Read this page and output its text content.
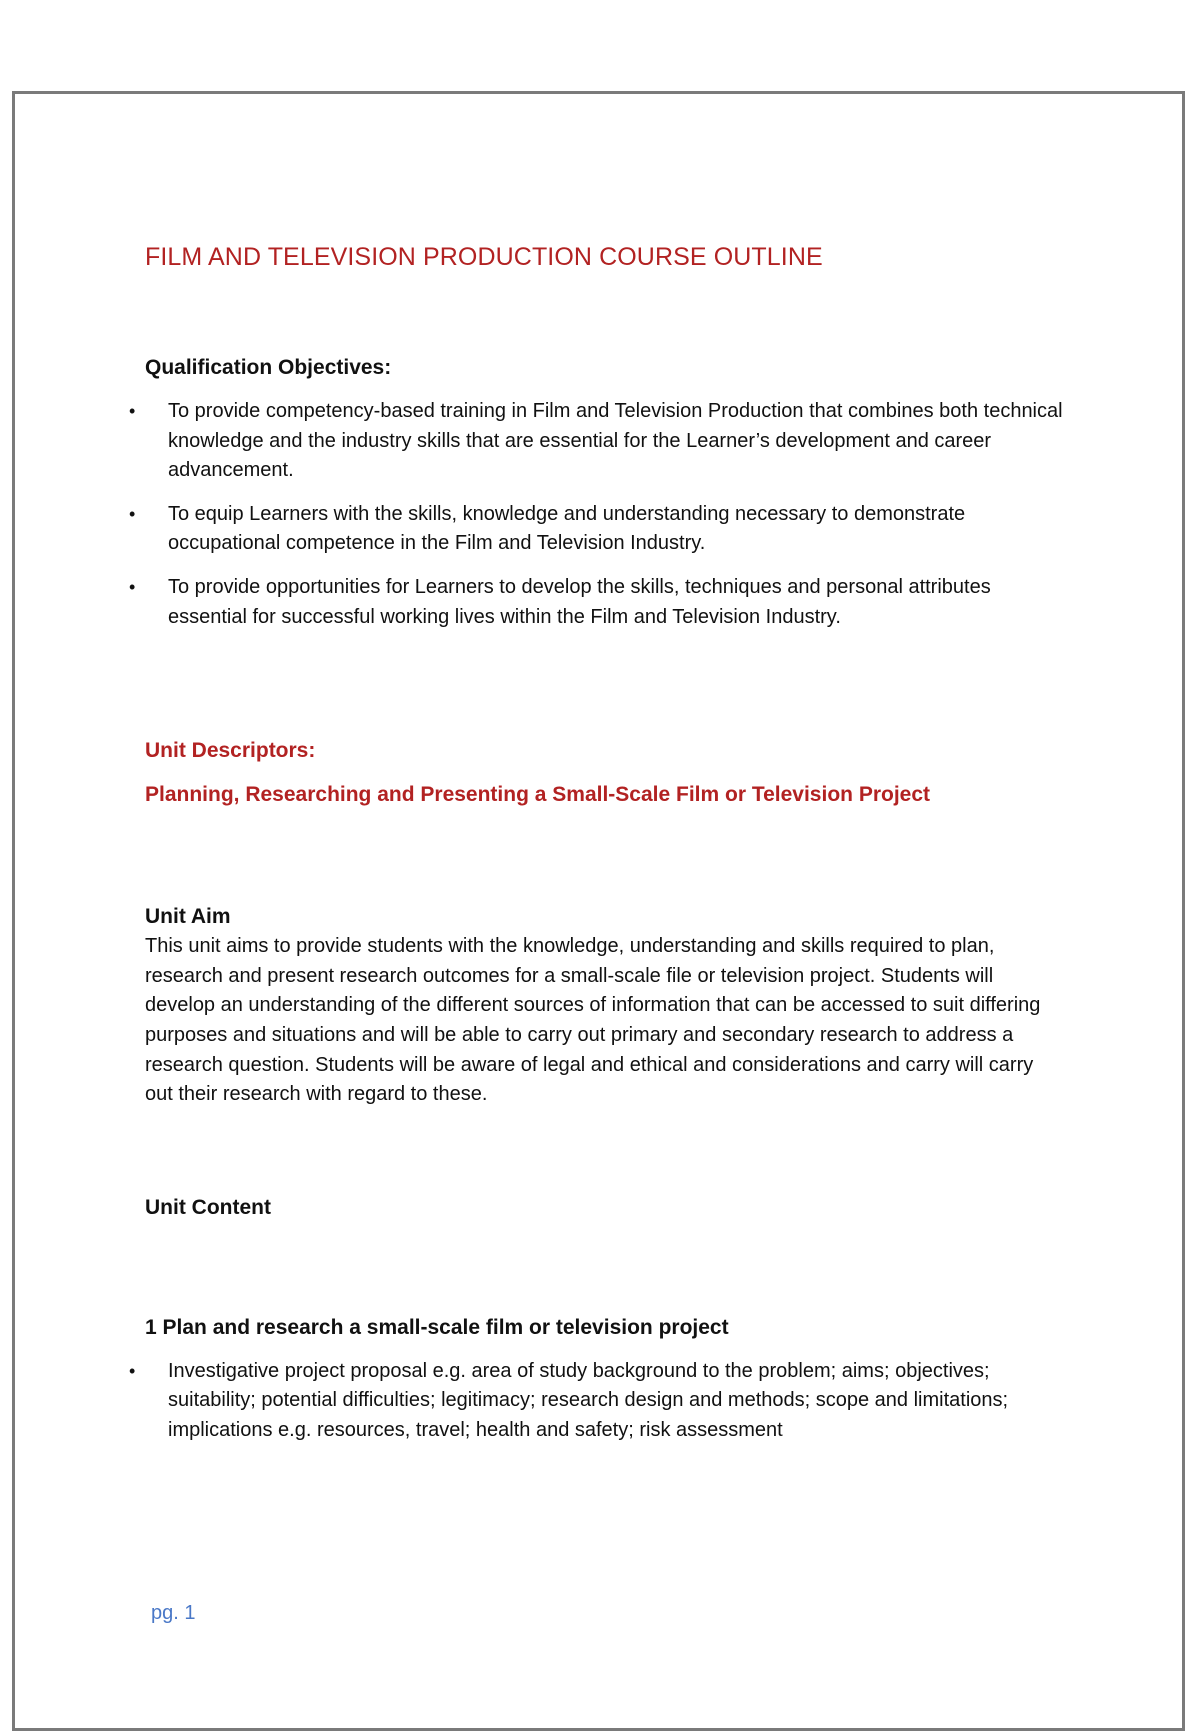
FILM AND TELEVISION PRODUCTION COURSE OUTLINE
Qualification Objectives:
• To provide competency-based training in Film and Television Production that combines both technical knowledge and the industry skills that are essential for the Learner’s development and career advancement.
• To equip Learners with the skills, knowledge and understanding necessary to demonstrate occupational competence in the Film and Television Industry.
• To provide opportunities for Learners to develop the skills, techniques and personal attributes essential for successful working lives within the Film and Television Industry.
Unit Descriptors:
Planning, Researching and Presenting a Small-Scale Film or Television Project
Unit Aim

This unit aims to provide students with the knowledge, understanding and skills required to plan, research and present research outcomes for a small-scale file or television project. Students will develop an understanding of the different sources of information that can be accessed to suit differing purposes and situations and will be able to carry out primary and secondary research to address a research question. Students will be aware of legal and ethical and considerations and carry will carry out their research with regard to these.

Unit Content
1 Plan and research a small-scale film or television project
• Investigative project proposal e.g. area of study background to the problem; aims; objectives; suitability; potential difficulties; legitimacy; research design and methods; scope and limitations; implications e.g. resources, travel; health and safety; risk assessment
pg. 1
